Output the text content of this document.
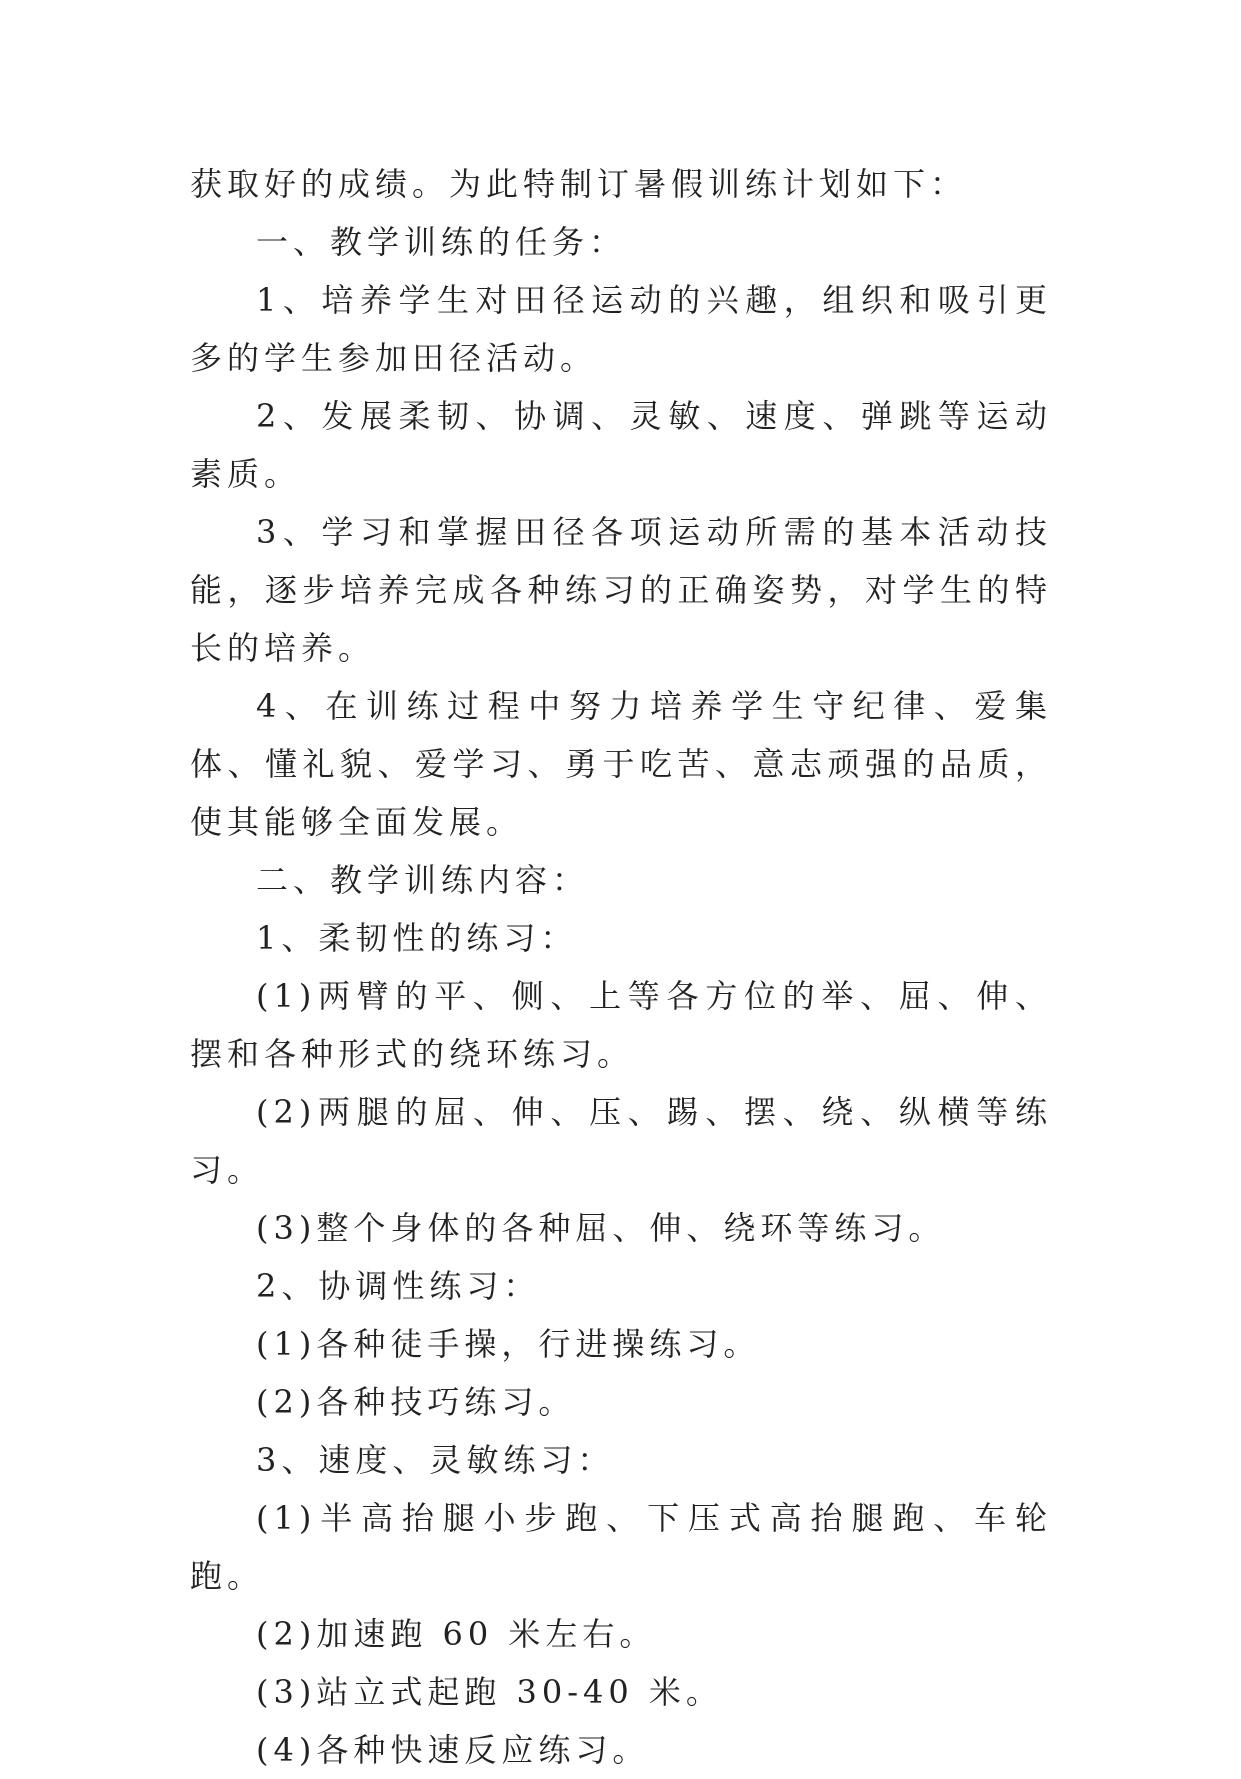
获取好的成绩。为此特制订暑假训练计划如下：

一、教学训练的任务：

1、培养学生对田径运动的兴趣，组织和吸引更多的学生参加田径活动。

2、发展柔韧、协调、灵敏、速度、弹跳等运动素质。

3、学习和掌握田径各项运动所需的基本活动技能，逐步培养完成各种练习的正确姿势，对学生的特长的培养。

4、在训练过程中努力培养学生守纪律、爱集体、懂礼貌、爱学习、勇于吃苦、意志顽强的品质，使其能够全面发展。

二、教学训练内容：

1、柔韧性的练习：

(1)两臂的平、侧、上等各方位的举、屈、伸、摆和各种形式的绕环练习。

(2)两腿的屈、伸、压、踢、摆、绕、纵横等练习。

(3)整个身体的各种屈、伸、绕环等练习。

2、协调性练习：

(1)各种徒手操，行进操练习。

(2)各种技巧练习。

3、速度、灵敏练习：

(1)半高抬腿小步跑、下压式高抬腿跑、车轮跑。

(2)加速跑 60 米左右。

(3)站立式起跑 30-40 米。

(4)各种快速反应练习。
